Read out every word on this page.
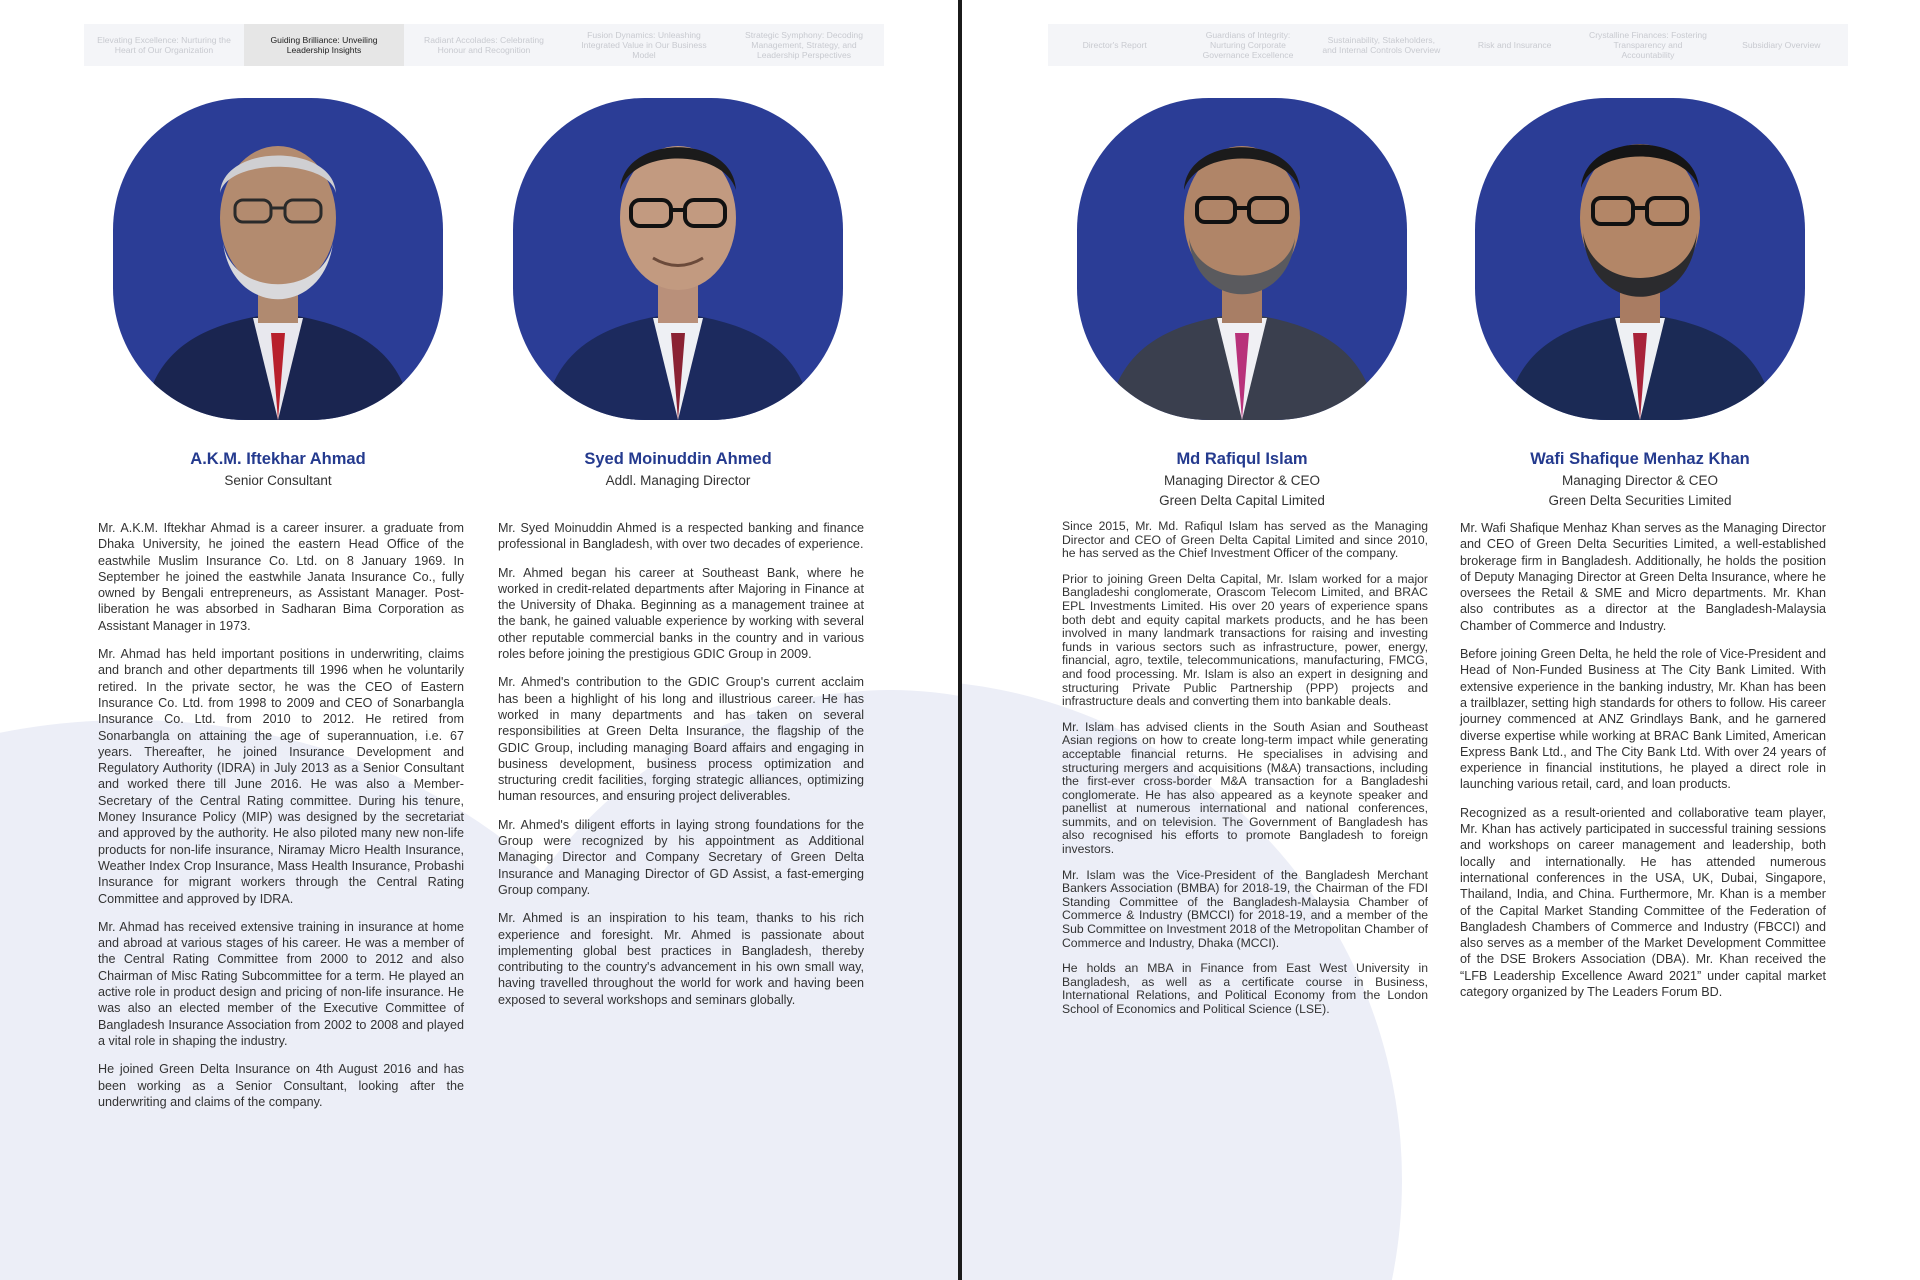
Elevating Excellence: Nurturing the Heart of Our Organization
Guiding Brilliance: Unveiling Leadership Insights
Radiant Accolades: Celebrating Honour and Recognition
Fusion Dynamics: Unleashing Integrated Value in Our Business Model
Strategic Symphony: Decoding Management, Strategy, and Leadership Perspectives
A.K.M. Iftekhar Ahmad
Senior Consultant

Mr. A.K.M. Iftekhar Ahmad is a career insurer. a graduate from Dhaka University, he joined the eastern Head Office of the eastwhile Muslim Insurance Co. Ltd. on 8 January 1969. In September he joined the eastwhile Janata Insurance Co., fully owned by Bengali entrepreneurs, as Assistant Manager. Post-liberation he was absorbed in Sadharan Bima Corporation as Assistant Manager in 1973.

Mr. Ahmad has held important positions in underwriting, claims and branch and other departments till 1996 when he voluntarily retired. In the private sector, he was the CEO of Eastern Insurance Co. Ltd. from 1998 to 2009 and CEO of Sonarbangla Insurance Co. Ltd. from 2010 to 2012. He retired from Sonarbangla on attaining the age of superannuation, i.e. 67 years. Thereafter, he joined Insurance Development and Regulatory Authority (IDRA) in July 2013 as a Senior Consultant and worked there till June 2016. He was also a Member-Secretary of the Central Rating committee. During his tenure, Money Insurance Policy (MIP) was designed by the secretariat and approved by the authority. He also piloted many new non-life products for non-life insurance, Niramay Micro Health Insurance, Weather Index Crop Insurance, Mass Health Insurance, Probashi Insurance for migrant workers through the Central Rating Committee and approved by IDRA.

Mr. Ahmad has received extensive training in insurance at home and abroad at various stages of his career. He was a member of the Central Rating Committee from 2000 to 2012 and also Chairman of Misc Rating Subcommittee for a term. He played an active role in product design and pricing of non-life insurance. He was also an elected member of the Executive Committee of Bangladesh Insurance Association from 2002 to 2008 and played a vital role in shaping the industry.

He joined Green Delta Insurance on 4th August 2016 and has been working as a Senior Consultant, looking after the underwriting and claims of the company.

Syed Moinuddin Ahmed
Addl. Managing Director

Mr. Syed Moinuddin Ahmed is a respected banking and finance professional in Bangladesh, with over two decades of experience.

Mr. Ahmed began his career at Southeast Bank, where he worked in credit-related departments after Majoring in Finance at the University of Dhaka. Beginning as a management trainee at the bank, he gained valuable experience by working with several other reputable commercial banks in the country and in various roles before joining the prestigious GDIC Group in 2009.

Mr. Ahmed's contribution to the GDIC Group's current acclaim has been a highlight of his long and illustrious career. He has worked in many departments and has taken on several responsibilities at Green Delta Insurance, the flagship of the GDIC Group, including managing Board affairs and engaging in business development, business process optimization and structuring credit facilities, forging strategic alliances, optimizing human resources, and ensuring project deliverables.

Mr. Ahmed's diligent efforts in laying strong foundations for the Group were recognized by his appointment as Additional Managing Director and Company Secretary of Green Delta Insurance and Managing Director of GD Assist, a fast-emerging Group company.

Mr. Ahmed is an inspiration to his team, thanks to his rich experience and foresight. Mr. Ahmed is passionate about implementing global best practices in Bangladesh, thereby contributing to the country's advancement in his own small way, having travelled throughout the world for work and having been exposed to several workshops and seminars globally.

Director's Report
Guardians of Integrity: Nurturing Corporate Governance Excellence
Sustainability, Stakeholders, and Internal Controls Overview	Risk and Insurance
Crystalline Finances: Fostering Transparency and Accountability
Subsidiary Overview
Md Rafiqul Islam
Managing Director & CEO
Green Delta Capital Limited

Since 2015, Mr. Md. Rafiqul Islam has served as the Managing Director and CEO of Green Delta Capital Limited and since 2010, he has served as the Chief Investment Officer of the company.

Prior to joining Green Delta Capital, Mr. Islam worked for a major Bangladeshi conglomerate, Orascom Telecom Limited, and BRAC EPL Investments Limited. His over 20 years of experience spans both debt and equity capital markets products, and he has been involved in many landmark transactions for raising and investing funds in various sectors such as infrastructure, power, energy, financial, agro, textile, telecommunications, manufacturing, FMCG, and food processing. Mr. Islam is also an expert in designing and structuring Private Public Partnership (PPP) projects and infrastructure deals and converting them into bankable deals.

Mr. Islam has advised clients in the South Asian and Southeast Asian regions on how to create long-term impact while generating acceptable financial returns. He specialises in advising and structuring mergers and acquisitions (M&A) transactions, including the first-ever cross-border M&A transaction for a Bangladeshi conglomerate. He has also appeared as a keynote speaker and panellist at numerous international and national conferences, summits, and on television. The Government of Bangladesh has also recognised his efforts to promote Bangladesh to foreign investors.

Mr. Islam was the Vice-President of the Bangladesh Merchant Bankers Association (BMBA) for 2018-19, the Chairman of the FDI Standing Committee of the Bangladesh-Malaysia Chamber of Commerce & Industry (BMCCI) for 2018-19, and a member of the Sub Committee on Investment 2018 of the Metropolitan Chamber of Commerce and Industry, Dhaka (MCCI).

He holds an MBA in Finance from East West University in Bangladesh, as well as a certificate course in Business, International Relations, and Political Economy from the London School of Economics and Political Science (LSE).

Wafi Shafique Menhaz Khan
Managing Director & CEO
Green Delta Securities Limited

Mr. Wafi Shafique Menhaz Khan serves as the Managing Director and CEO of Green Delta Securities Limited, a well-established brokerage firm in Bangladesh. Additionally, he holds the position of Deputy Managing Director at Green Delta Insurance, where he oversees the Retail & SME and Micro departments. Mr. Khan also contributes as a director at the Bangladesh-Malaysia Chamber of Commerce and Industry.

Before joining Green Delta, he held the role of Vice-President and Head of Non-Funded Business at The City Bank Limited. With extensive experience in the banking industry, Mr. Khan has been a trailblazer, setting high standards for others to follow. His career journey commenced at ANZ Grindlays Bank, and he garnered diverse expertise while working at BRAC Bank Limited, American Express Bank Ltd., and The City Bank Ltd. With over 24 years of experience in financial institutions, he played a direct role in launching various retail, card, and loan products.

Recognized as a result-oriented and collaborative team player, Mr. Khan has actively participated in successful training sessions and workshops on career management and leadership, both locally and internationally. He has attended numerous international conferences in the USA, UK, Dubai, Singapore, Thailand, India, and China. Furthermore, Mr. Khan is a member of the Capital Market Standing Committee of the Federation of Bangladesh Chambers of Commerce and Industry (FBCCI) and also serves as a member of the Market Development Committee of the DSE Brokers Association (DBA). Mr. Khan received the “LFB Leadership Excellence Award 2021” under capital market category organized by The Leaders Forum BD.
